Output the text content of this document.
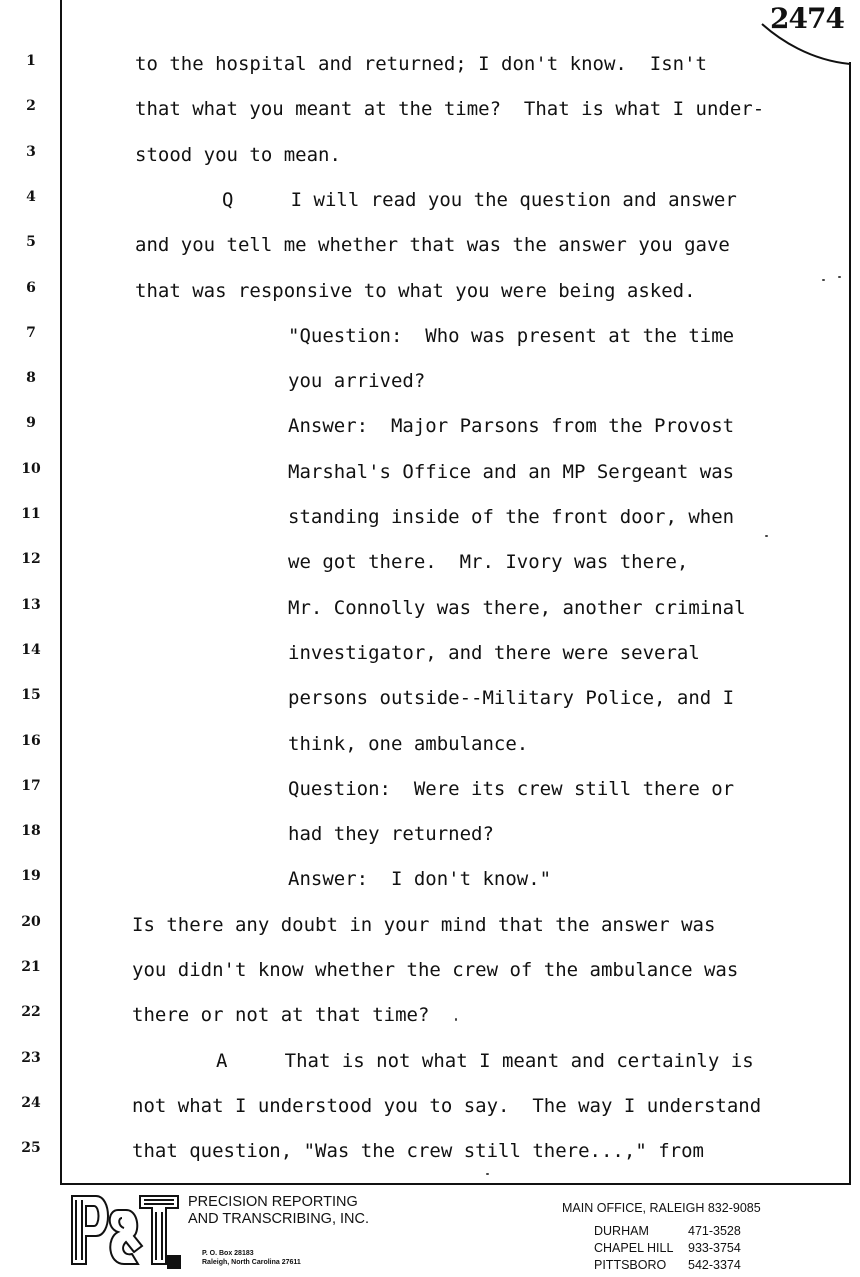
2474
1
2
3
4
5
6
7
8
9
10
11
12
13
14
15
16
17
18
19
20
21
22
23
24
25
to the hospital and returned; I don't know.  Isn't
that what you meant at the time?  That is what I under-
stood you to mean.
Q     I will read you the question and answer
and you tell me whether that was the answer you gave
that was responsive to what you were being asked.
"Question:  Who was present at the time
you arrived?
Answer:  Major Parsons from the Provost
Marshal's Office and an MP Sergeant was
standing inside of the front door, when
we got there.  Mr. Ivory was there,
Mr. Connolly was there, another criminal
investigator, and there were several
persons outside--Military Police, and I
think, one ambulance.
Question:  Were its crew still there or
had they returned?
Answer:  I don't know."
Is there any doubt in your mind that the answer was
you didn't know whether the crew of the ambulance was
there or not at that time?
A     That is not what I meant and certainly is
not what I understood you to say.  The way I understand
that question, "Was the crew still there...," from
PRECISION REPORTING
AND TRANSCRIBING, INC.
P. O. Box 28183
Raleigh, North Carolina 27611
MAIN OFFICE, RALEIGH 832-9085
DURHAM	471-3528
CHAPEL HILL 933-3754
PITTSBORO 542-3374
